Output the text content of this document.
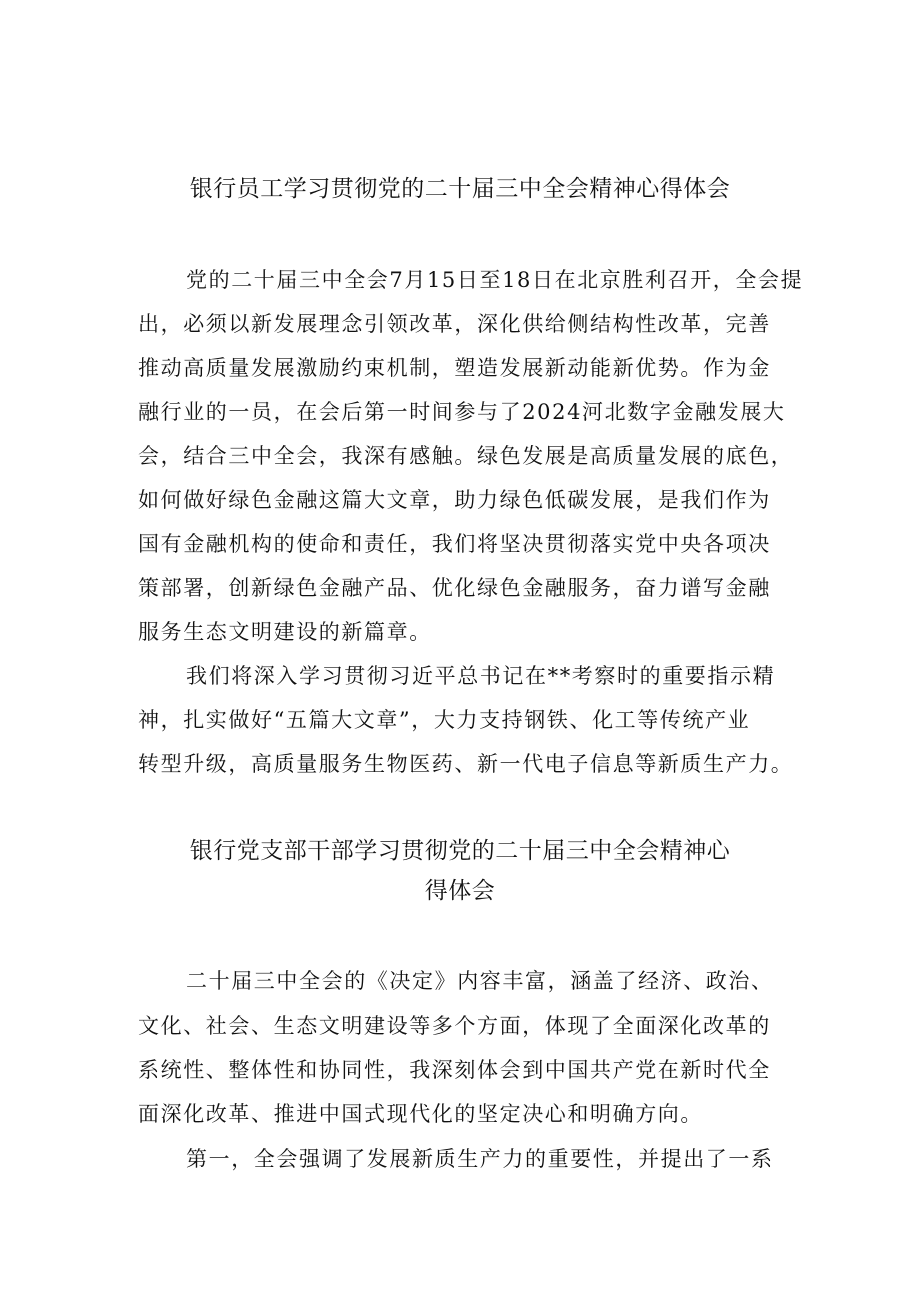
银行员工学习贯彻党的二十届三中全会精神心得体会
党的二十届三中全会7月15日至18日在北京胜利召开，全会提
出，必须以新发展理念引领改革，深化供给侧结构性改革，完善
推动高质量发展激励约束机制，塑造发展新动能新优势。作为金
融行业的一员，在会后第一时间参与了2024河北数字金融发展大
会，结合三中全会，我深有感触。绿色发展是高质量发展的底色，
如何做好绿色金融这篇大文章，助力绿色低碳发展，是我们作为
国有金融机构的使命和责任，我们将坚决贯彻落实党中央各项决
策部署，创新绿色金融产品、优化绿色金融服务，奋力谱写金融
服务生态文明建设的新篇章。
我们将深入学习贯彻习近平总书记在**考察时的重要指示精
神，扎实做好“五篇大文章”，大力支持钢铁、化工等传统产业
转型升级，高质量服务生物医药、新一代电子信息等新质生产力。
银行党支部干部学习贯彻党的二十届三中全会精神心
得体会
二十届三中全会的《决定》内容丰富，涵盖了经济、政治、
文化、社会、生态文明建设等多个方面，体现了全面深化改革的
系统性、整体性和协同性，我深刻体会到中国共产党在新时代全
面深化改革、推进中国式现代化的坚定决心和明确方向。
第一，全会强调了发展新质生产力的重要性，并提出了一系
